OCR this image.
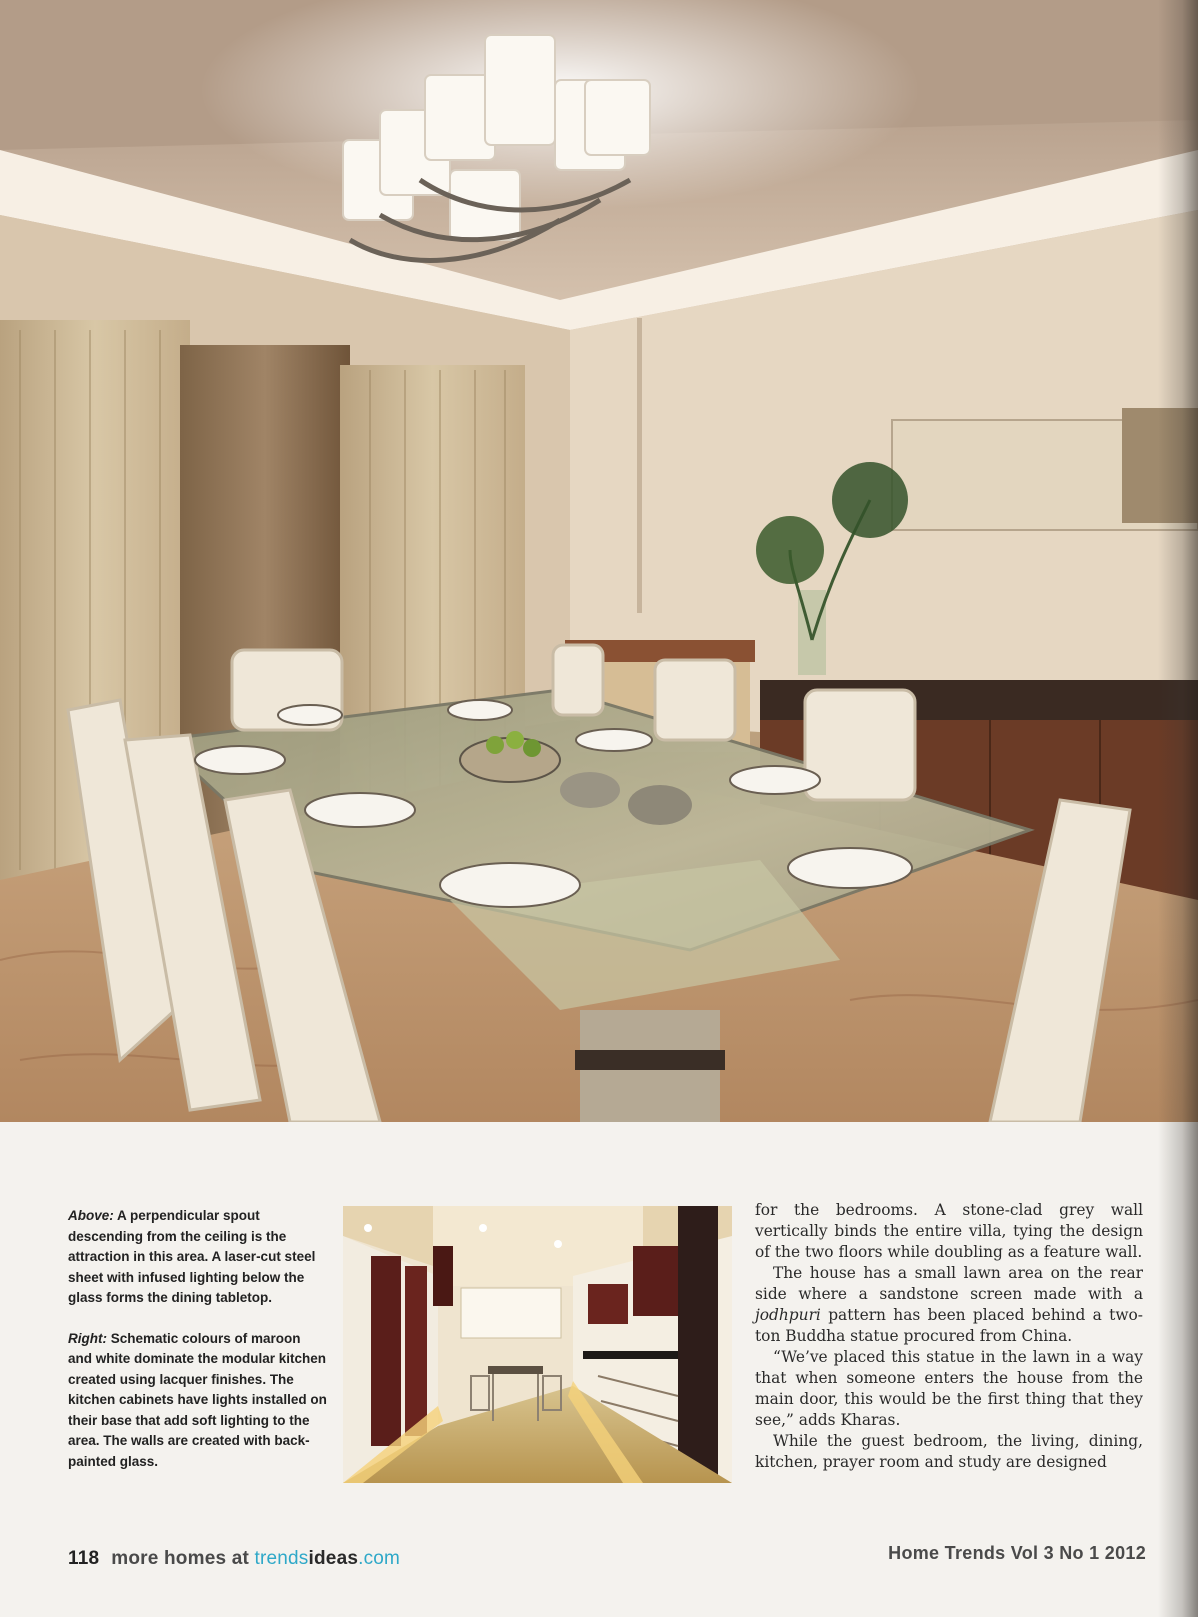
Above: A perpendicular spout descending from the ceiling is the attraction in this area. A laser-cut steel sheet with infused lighting below the glass forms the dining tabletop.

Right: Schematic colours of maroon and white dominate the modular kitchen created using lacquer finishes. The kitchen cabinets have lights installed on their base that add soft lighting to the area. The walls are created with back-painted glass.

for the bedrooms. A stone-clad grey wall vertically binds the entire villa, tying the design of the two floors while doubling as a feature wall.

The house has a small lawn area on the rear side where a sandstone screen made with a jodhpuri pattern has been placed behind a two-ton Buddha statue procured from China.

“We’ve placed this statue in the lawn in a way that when someone enters the house from the main door, this would be the first thing that they see,” adds Kharas.

While the guest bedroom, the living, dining, kitchen, prayer room and study are designed

118 more homes at trendsideas.com	Home Trends Vol 3 No 1 2012
